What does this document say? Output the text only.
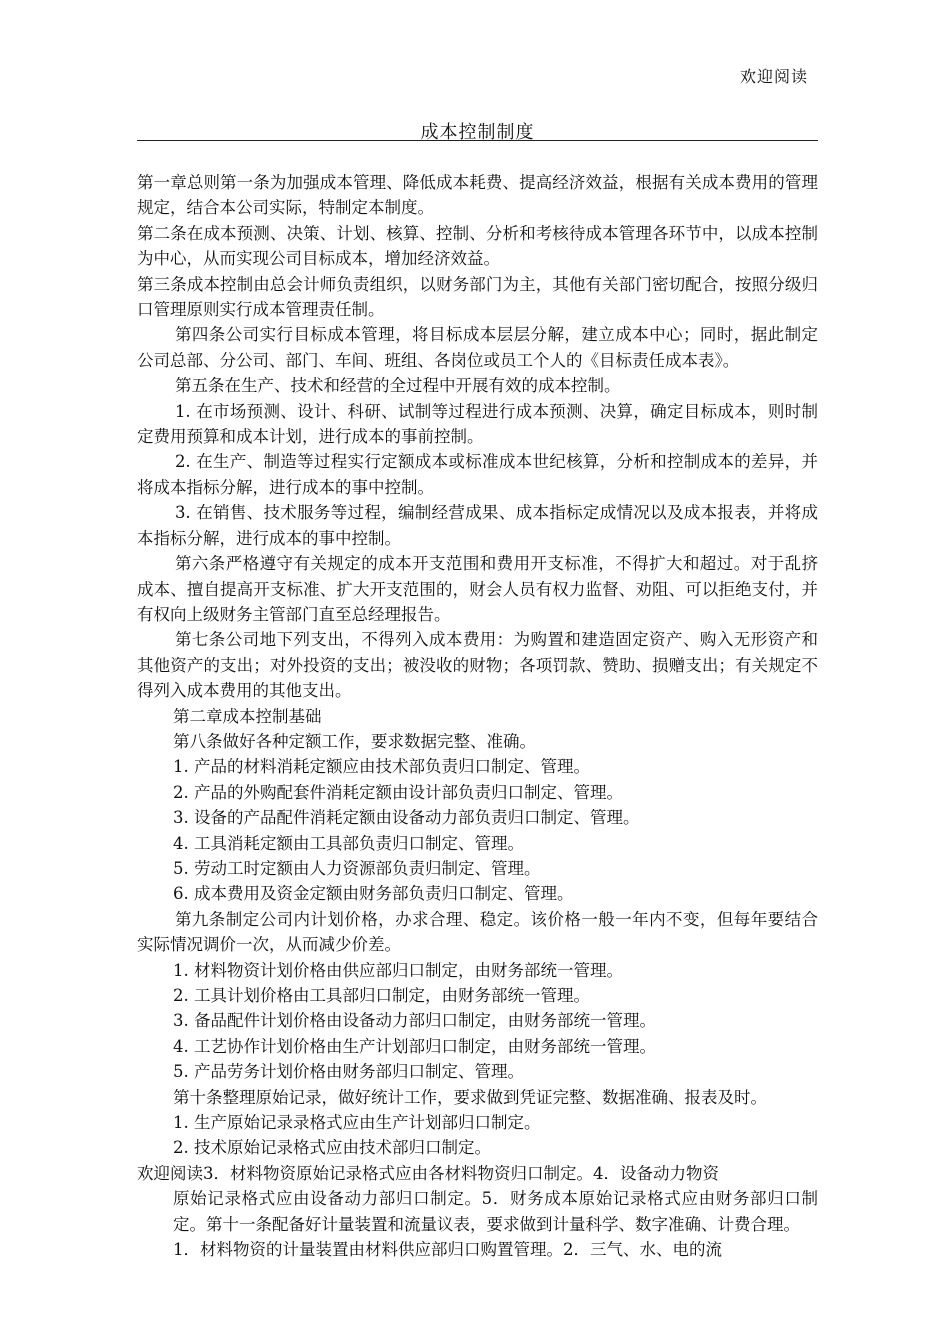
欢迎阅读
成本控制制度

第一章总则第一条为加强成本管理、降低成本耗费、提高经济效益，根据有关成本费用的管理规定，结合本公司实际，特制定本制度。

第二条在成本预测、决策、计划、核算、控制、分析和考核待成本管理各环节中，以成本控制为中心，从而实现公司目标成本，增加经济效益。

第三条成本控制由总会计师负责组织，以财务部门为主，其他有关部门密切配合，按照分级归口管理原则实行成本管理责任制。

第四条公司实行目标成本管理，将目标成本层层分解，建立成本中心；同时，据此制定公司总部、分公司、部门、车间、班组、各岗位或员工个人的《目标责任成本表》。

第五条在生产、技术和经营的全过程中开展有效的成本控制。

1. 在市场预测、设计、科研、试制等过程进行成本预测、决算，确定目标成本，则时制定费用预算和成本计划，进行成本的事前控制。

2. 在生产、制造等过程实行定额成本或标准成本世纪核算，分析和控制成本的差异，并将成本指标分解，进行成本的事中控制。

3. 在销售、技术服务等过程，编制经营成果、成本指标定成情况以及成本报表，并将成本指标分解，进行成本的事中控制。

第六条严格遵守有关规定的成本开支范围和费用开支标准，不得扩大和超过。对于乱挤成本、擅自提高开支标准、扩大开支范围的，财会人员有权力监督、劝阻、可以拒绝支付，并有权向上级财务主管部门直至总经理报告。

第七条公司地下列支出，不得列入成本费用：为购置和建造固定资产、购入无形资产和其他资产的支出；对外投资的支出；被没收的财物；各项罚款、赞助、损赠支出；有关规定不得列入成本费用的其他支出。

第二章成本控制基础

第八条做好各种定额工作，要求数据完整、准确。

1. 产品的材料消耗定额应由技术部负责归口制定、管理。

2. 产品的外购配套件消耗定额由设计部负责归口制定、管理。

3. 设备的产品配件消耗定额由设备动力部负责归口制定、管理。

4. 工具消耗定额由工具部负责归口制定、管理。

5. 劳动工时定额由人力资源部负责归制定、管理。

6. 成本费用及资金定额由财务部负责归口制定、管理。

第九条制定公司内计划价格，办求合理、稳定。该价格一般一年内不变，但每年要结合实际情况调价一次，从而减少价差。

1. 材料物资计划价格由供应部归口制定，由财务部统一管理。

2. 工具计划价格由工具部归口制定，由财务部统一管理。

3. 备品配件计划价格由设备动力部归口制定，由财务部统一管理。

4. 工艺协作计划价格由生产计划部归口制定，由财务部统一管理。

5. 产品劳务计划价格由财务部归口制定、管理。

第十条整理原始记录，做好统计工作，要求做到凭证完整、数据准确、报表及时。

1. 生产原始记录录格式应由生产计划部归口制定。

2. 技术原始记录格式应由技术部归口制定。

欢迎阅读3．材料物资原始记录格式应由各材料物资归口制定。4．设备动力物资

原始记录格式应由设备动力部归口制定。5．财务成本原始记录格式应由财务部归口制定。第十一条配备好计量装置和流量议表，要求做到计量科学、数字准确、计费合理。

1．材料物资的计量装置由材料供应部归口购置管理。2．三气、水、电的流
